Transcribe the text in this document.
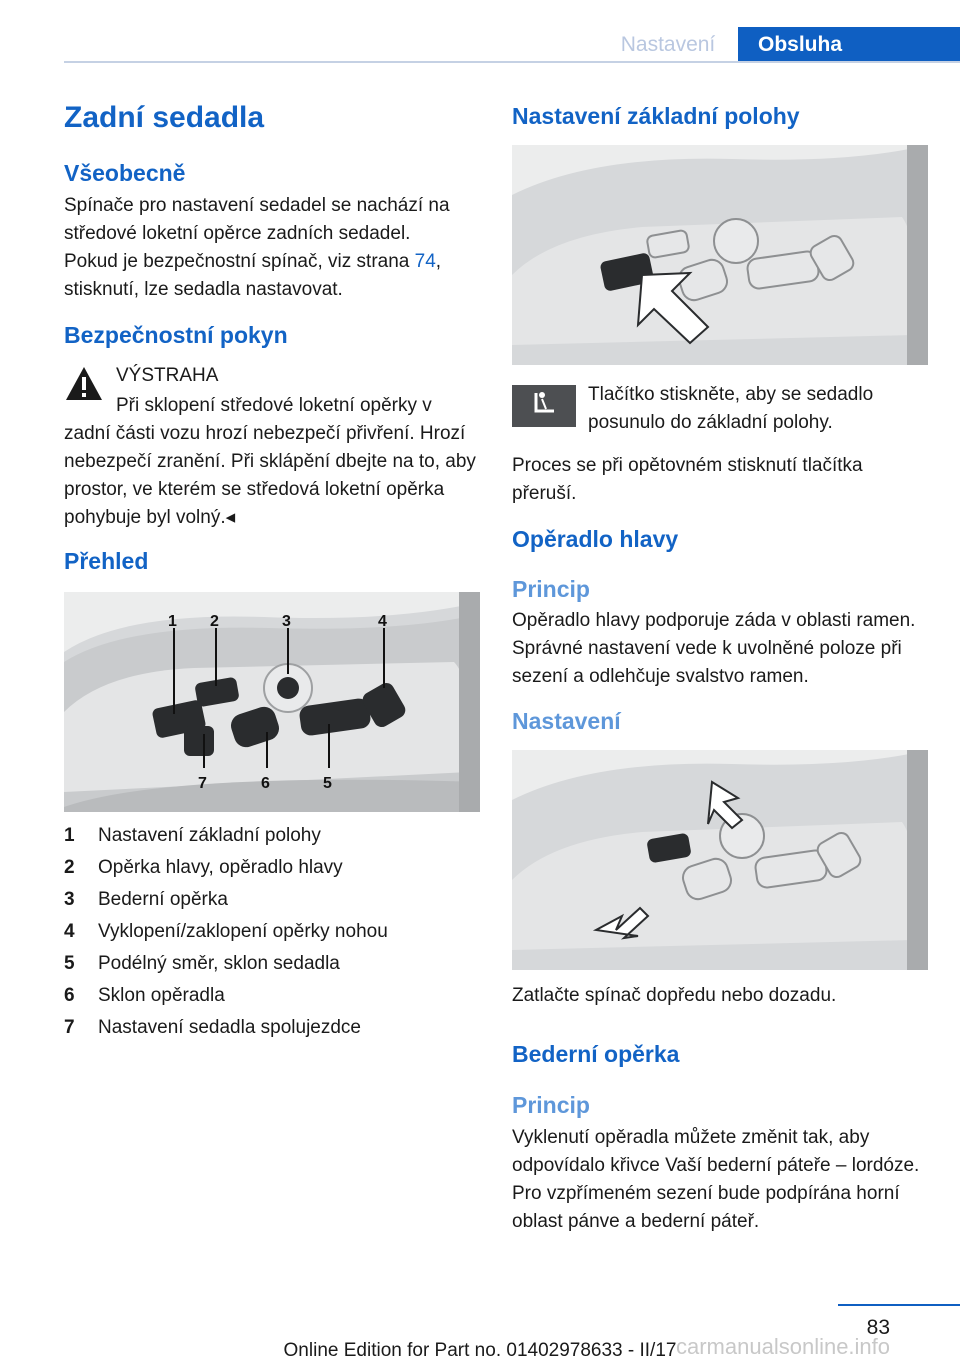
Nastavení	Obsluha
Zadní sedadla
Všeobecně

Spínače pro nastavení sedadel se nachází na středové loketní opěrce zadních sedadel.

Pokud je bezpečnostní spínač, viz strana 74, stisknutí, lze sedadla nastavovat.

Bezpečnostní pokyn

VÝSTRAHA

Při sklopení středové loketní opěrky v zadní části vozu hrozí nebezpečí přivření. Hrozí nebezpečí zranění. Při sklápění dbejte na to, aby prostor, ve kterém se středová loketní opěrka pohybuje byl volný.◂

Přehled
1 2	3	4
7	6	5
1 Nastavení základní polohy
2 Opěrka hlavy, opěradlo hlavy
3 Bederní opěrka
4 Vyklopení/zaklopení opěrky nohou
5 Podélný směr, sklon sedadla
6 Sklon opěradla
7 Nastavení sedadla spolujezdce
Nastavení základní polohy

Tlačítko stiskněte, aby se sedadlo posunulo do základní polohy.

Proces se při opětovném stisknutí tlačítka přeruší.

Opěradlo hlavy
Princip

Opěradlo hlavy podporuje záda v oblasti ramen. Správné nastavení vede k uvolněné poloze při sezení a odlehčuje svalstvo ramen.

Nastavení

Zatlačte spínač dopředu nebo dozadu.

Bederní opěrka
Princip

Vyklenutí opěradla můžete změnit tak, aby odpovídalo křivce Vaší bederní páteře – lordóze. Pro vzpřímeném sezení bude podpírána horní oblast pánve a bederní páteř.

83
Online Edition for Part no. 01402978633 - II/17 carmanualsonline.info
